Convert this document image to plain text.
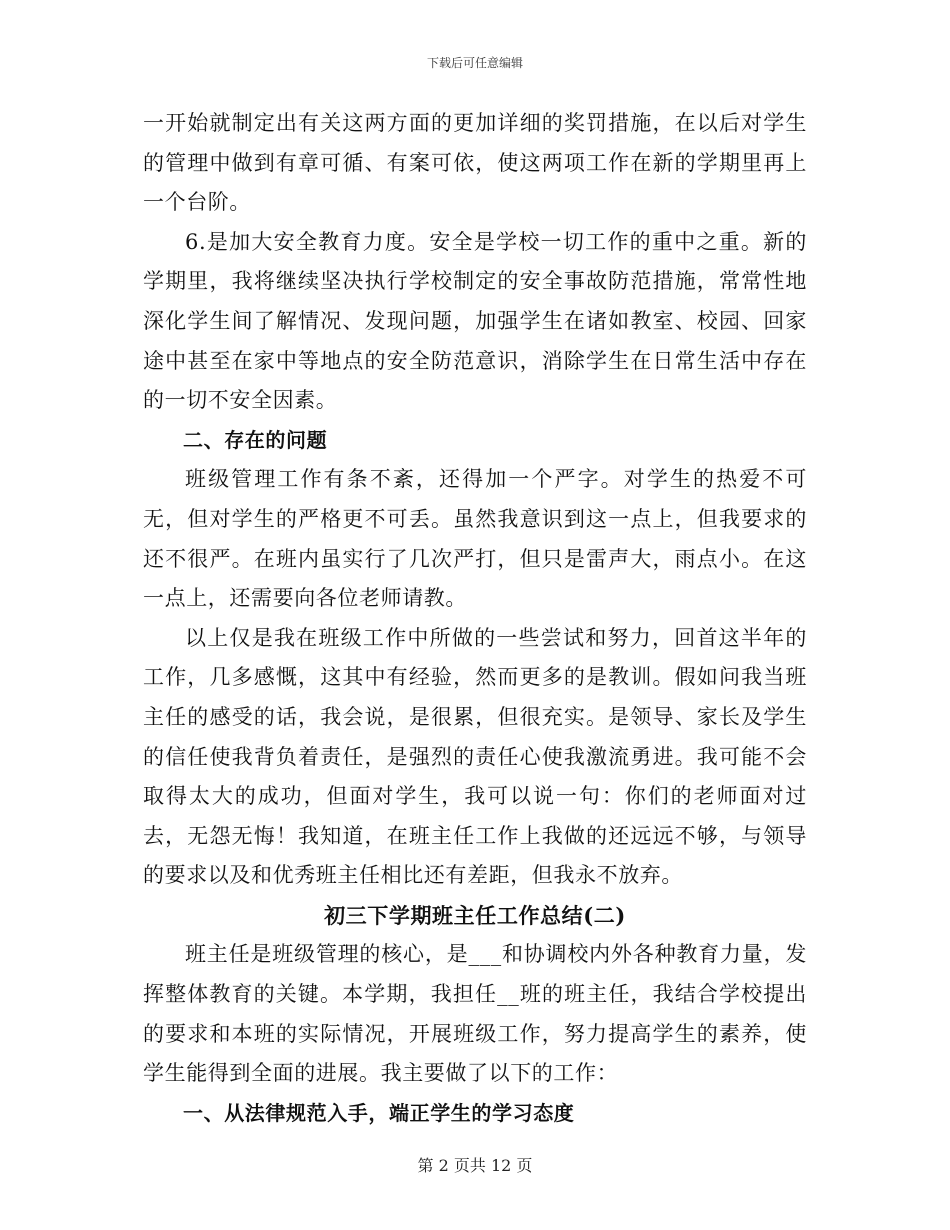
下载后可任意编辑

一开始就制定出有关这两方面的更加详细的奖罚措施，在以后对学生的管理中做到有章可循、有案可依，使这两项工作在新的学期里再上一个台阶。

6.是加大安全教育力度。安全是学校一切工作的重中之重。新的学期里，我将继续坚决执行学校制定的安全事故防范措施，常常性地深化学生间了解情况、发现问题，加强学生在诸如教室、校园、回家途中甚至在家中等地点的安全防范意识，消除学生在日常生活中存在的一切不安全因素。

二、存在的问题

班级管理工作有条不紊，还得加一个严字。对学生的热爱不可无，但对学生的严格更不可丢。虽然我意识到这一点上，但我要求的还不很严。在班内虽实行了几次严打，但只是雷声大，雨点小。在这一点上，还需要向各位老师请教。

以上仅是我在班级工作中所做的一些尝试和努力，回首这半年的工作，几多感慨，这其中有经验，然而更多的是教训。假如问我当班主任的感受的话，我会说，是很累，但很充实。是领导、家长及学生的信任使我背负着责任，是强烈的责任心使我激流勇进。我可能不会取得太大的成功，但面对学生，我可以说一句：你们的老师面对过去，无怨无悔！我知道，在班主任工作上我做的还远远不够，与领导的要求以及和优秀班主任相比还有差距，但我永不放弃。

初三下学期班主任工作总结(二)

班主任是班级管理的核心，是___和协调校内外各种教育力量，发挥整体教育的关键。本学期，我担任__班的班主任，我结合学校提出的要求和本班的实际情况，开展班级工作，努力提高学生的素养，使学生能得到全面的进展。我主要做了以下的工作：

一、从法律规范入手，端正学生的学习态度

第 2 页共 12 页
